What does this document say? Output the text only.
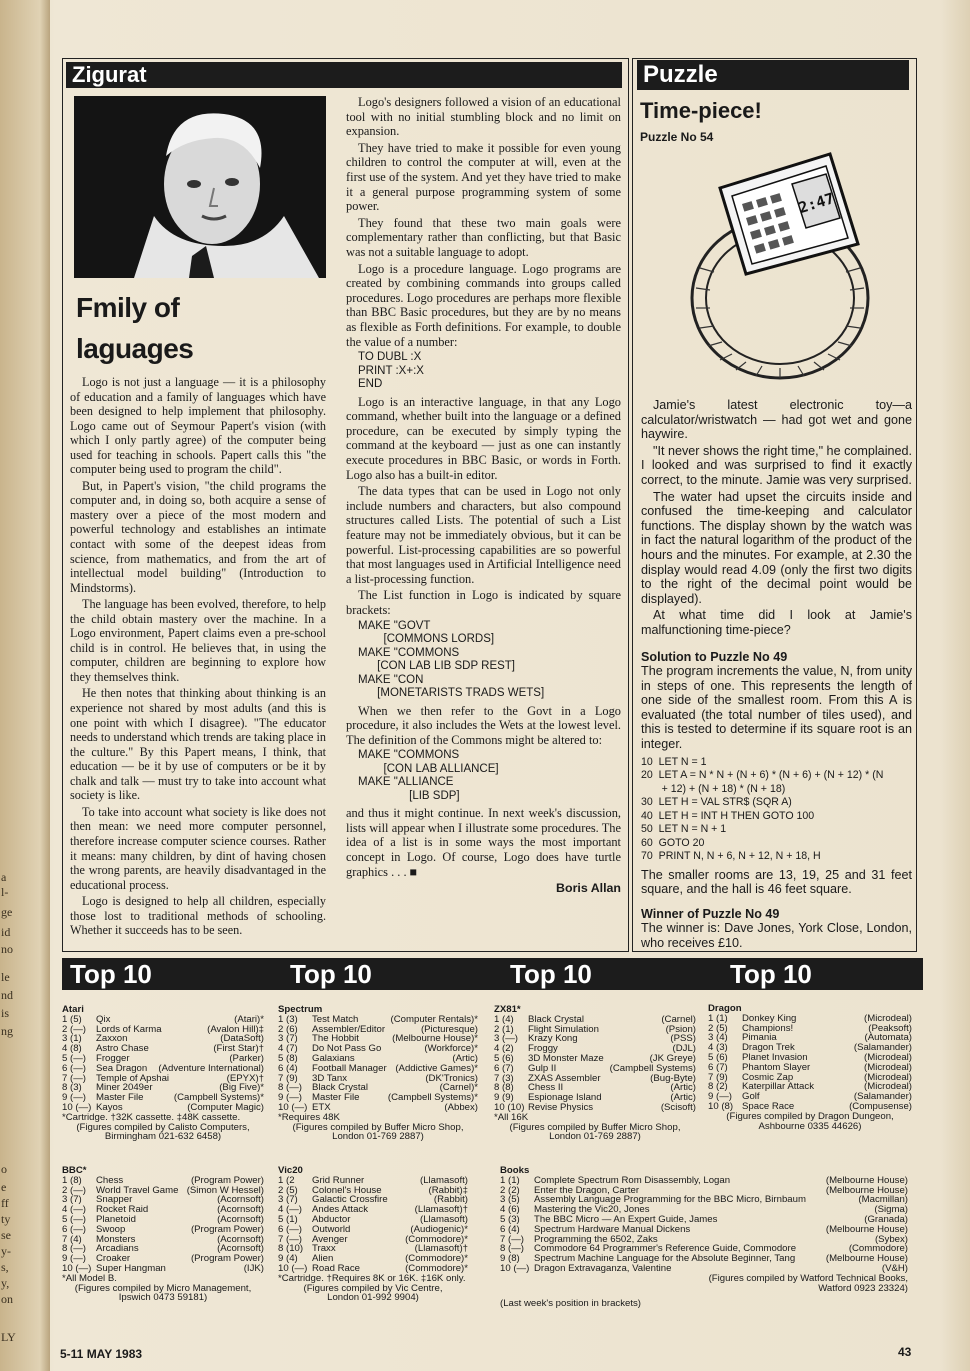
a
l-
ge
id
no
le
nd
is
ng
o
e
ff
ty
se
y-
s,
y,
on
LY
Zigurat
Fmily of
laguages

Logo is not just a language — it is a philosophy of education and a family of languages which have been designed to help implement that philosophy. Logo came out of Seymour Papert's vision (with which I only partly agree) of the computer being used for teaching in schools. Papert calls this "the computer being used to program the child".

But, in Papert's vision, "the child programs the computer and, in doing so, both acquire a sense of mastery over a piece of the most modern and powerful technology and establishes an intimate contact with some of the deepest ideas from science, from mathematics, and from the art of intellectual model building" (Introduction to Mindstorms).

The language has been evolved, therefore, to help the child obtain mastery over the machine. In a Logo environment, Papert claims even a pre-school child is in control. He believes that, in using the computer, children are beginning to explore how they themselves think.

He then notes that thinking about thinking is an experience not shared by most adults (and this is one point with which I disagree). "The educator needs to understand which trends are taking place in the culture." By this Papert means, I think, that education — be it by use of computers or be it by chalk and talk — must try to take into account what society is like.

To take into account what society is like does not then mean: we need more computer personnel, therefore increase computer science courses. Rather it means: many children, by dint of having chosen the wrong parents, are heavily disadvantaged in the educational process.

Logo is designed to help all children, especially those lost to traditional methods of schooling. Whether it succeeds has to be seen.

Logo's designers followed a vision of an educational tool with no initial stumbling block and no limit on expansion.

They have tried to make it possible for even young children to control the computer at will, even at the first use of the system. And yet they have tried to make it a general purpose programming system of some power.

They found that these two main goals were complementary rather than conflicting, but that Basic was not a suitable language to adopt.

Logo is a procedure language. Logo programs are created by combining commands into groups called procedures. Logo procedures are perhaps more flexible than BBC Basic procedures, but they are by no means as flexible as Forth definitions. For example, to double the value of a number:

TO DUBL :X
PRINT :X+:X
END

Logo is an interactive language, in that any Logo command, whether built into the language or a defined procedure, can be executed by simply typing the command at the keyboard — just as one can instantly execute procedures in BBC Basic, or words in Forth. Logo also has a built-in editor.

The data types that can be used in Logo not only include numbers and characters, but also compound structures called Lists. The potential of such a List feature may not be immediately obvious, but it can be powerful. List-processing capabilities are so powerful that most languages used in Artificial Intelligence need a list-processing function.

The List function in Logo is indicated by square brackets:

MAKE "GOVT
[COMMONS LORDS]
MAKE "COMMONS
[CON LAB LIB SDP REST]
MAKE "CON
[MONETARISTS TRADS WETS]

When we then refer to the Govt in a Logo procedure, it also includes the Wets at the lowest level. The definition of the Commons might be altered to:

MAKE "COMMONS
[CON LAB ALLIANCE]
MAKE "ALLIANCE
[LIB SDP]

and thus it might continue. In next week's discussion, lists will appear when I illustrate some procedures. The idea of a list is in some ways the most important concept in Logo. Of course, Logo does have turtle graphics . . . ■

Boris Allan
Puzzle
Time-piece!
Puzzle No 54
2:47

Jamie's latest electronic toy—a calculator/wristwatch — had got wet and gone haywire.

"It never shows the right time," he complained. I looked and was surprised to find it exactly correct, to the minute. Jamie was very surprised.

The water had upset the circuits inside and confused the time-keeping and calculator functions. The display shown by the watch was in fact the natural logarithm of the product of the hours and the minutes. For example, at 2.30 the display would read 4.09 (only the first two digits to the right of the decimal point would be displayed).

At what time did I look at Jamie's malfunctioning time-piece?

Solution to Puzzle No 49

The program increments the value, N, from unity in steps of one. This represents the length of one side of the smallest room. From this A is evaluated (the total number of tiles used), and this is tested to determine if its square root is an integer.

10  LET N = 1
20  LET A = N * N + (N + 6) * (N + 6) + (N + 12) * (N
+ 12) + (N + 18) * (N + 18)
30  LET H = VAL STR$ (SQR A)
40  LET H = INT H THEN GOTO 100
50  LET N = N + 1
60  GOTO 20
70  PRINT N, N + 6, N + 12, N + 18, H

The smaller rooms are 13, 19, 25 and 31 feet square, and the hall is 46 feet square.

Winner of Puzzle No 49

The winner is: Dave Jones, York Close, London, who receives £10.

Top 10	Top 10	Top 10	Top 10
Atari
1 (5)	Qix	(Atari)*
2 (—)	Lords of Karma	(Avalon Hill)‡
3 (1)	Zaxxon	(DataSoft)
4 (8)	Astro Chase	(First Star)†
5 (—)	Frogger	(Parker)
6 (—)	Sea Dragon	(Adventure International)
7 (—)	Temple of Apshai	(EPYX)†
8 (3)	Miner 2049er	(Big Five)*
9 (—)	Master File	(Campbell Systems)*
10 (—) Kayos	(Computer Magic)
*Cartridge. †32K cassette. ‡48K cassette.
(Figures compiled by Calisto Computers,
Birmingham 021-632 6458)
Spectrum
1 (3)	Test Match	(Computer Rentals)*
2 (6)	Assembler/Editor	(Picturesque)
3 (7)	The Hobbit	(Melbourne House)*
4 (7)	Do Not Pass Go	(Workforce)*
5 (8)	Galaxians	(Artic)
6 (4)	Football Manager (Addictive Games)*
7 (9)	3D Tanx	(DK'Tronics)
8 (—)	Black Crystal	(Carnel)*
9 (—)	Master File	(Campbell Systems)*
10 (—) ETX	(Abbex)
*Requires 48K
(Figures compiled by Buffer Micro Shop,
London 01-769 2887)
ZX81*
1 (4)	Black Crystal	(Carnel)
2 (1)	Flight Simulation	(Psion)
3 (—)	Krazy Kong	(PSS)
4 (2)	Froggy	(DJL)
5 (6)	3D Monster Maze	(JK Greye)
6 (7)	Gulp II	(Campbell Systems)
7 (3)	ZXAS Assembler	(Bug-Byte)
8 (8)	Chess II	(Artic)
9 (9)	Espionage Island	(Artic)
10 (10) Revise Physics	(Scisoft)
*All 16K
(Figures compiled by Buffer Micro Shop,
London 01-769 2887)
Dragon
1 (1)	Donkey King	(Microdeal)
2 (5)	Champions!	(Peaksoft)
3 (4)	Pimania	(Automata)
4 (3)	Dragon Trek	(Salamander)
5 (6)	Planet Invasion	(Microdeal)
6 (7)	Phantom Slayer	(Microdeal)
7 (9)	Cosmic Zap	(Microdeal)
8 (2)	Katerpillar Attack	(Microdeal)
9 (—)	Golf	(Salamander)
10 (8) Space Race	(Compusense)
(Figures compiled by Dragon Dungeon,
Ashbourne 0335 44626)
BBC*
1 (8)	Chess	(Program Power)
2 (—)	World Travel Game (Simon W Hessel)
3 (7)	Snapper	(Acornsoft)
4 (—)	Rocket Raid	(Acornsoft)
5 (—)	Planetoid	(Acornsoft)
6 (—)	Swoop	(Program Power)
7 (4)	Monsters	(Acornsoft)
8 (—)	Arcadians	(Acornsoft)
9 (—)	Croaker	(Program Power)
10 (—) Super Hangman	(IJK)
*All Model B.
(Figures compiled by Micro Management,
Ipswich 0473 59181)
Vic20
1 (2	Grid Runner	(Llamasoft)
2 (5)	Colonel's House	(Rabbit)‡
3 (7)	Galactic Crossfire	(Rabbit)
4 (—)	Andes Attack	(Llamasoft)†
5 (1)	Abductor	(Llamasoft)
6 (—)	Outworld	(Audiogenic)*
7 (—)	Avenger	(Commodore)*
8 (10) Traxx	(Llamasoft)†
9 (4)	Alien	(Commodore)*
10 (—) Road Race	(Commodore)*
*Cartridge. †Requires 8K or 16K. ‡16K only.
(Figures compiled by Vic Centre,
London 01-992 9904)
Books
1 (1)	Complete Spectrum Rom Disassembly, Logan	(Melbourne House)
2 (2)	Enter the Dragon, Carter	(Melbourne House)
3 (5)	Assembly Language Programming for the BBC Micro, Birnbaum	(Macmillan)
4 (6)	Mastering the Vic20, Jones	(Sigma)
5 (3)	The BBC Micro — An Expert Guide, James	(Granada)
6 (4)	Spectrum Hardware Manual Dickens	(Melbourne House)
7 (—)	Programming the 6502, Zaks	(Sybex)
8 (—)	Commodore 64 Programmer's Reference Guide, Commodore	(Commodore)
9 (8)	Spectrum Machine Language for the Absolute Beginner, Tang	(Melbourne House)
10 (—) Dragon Extravaganza, Valentine	(V&H)
(Figures compiled by Watford Technical Books,
Watford 0923 23324)
(Last week's position in brackets)
5-11 MAY 1983	43
